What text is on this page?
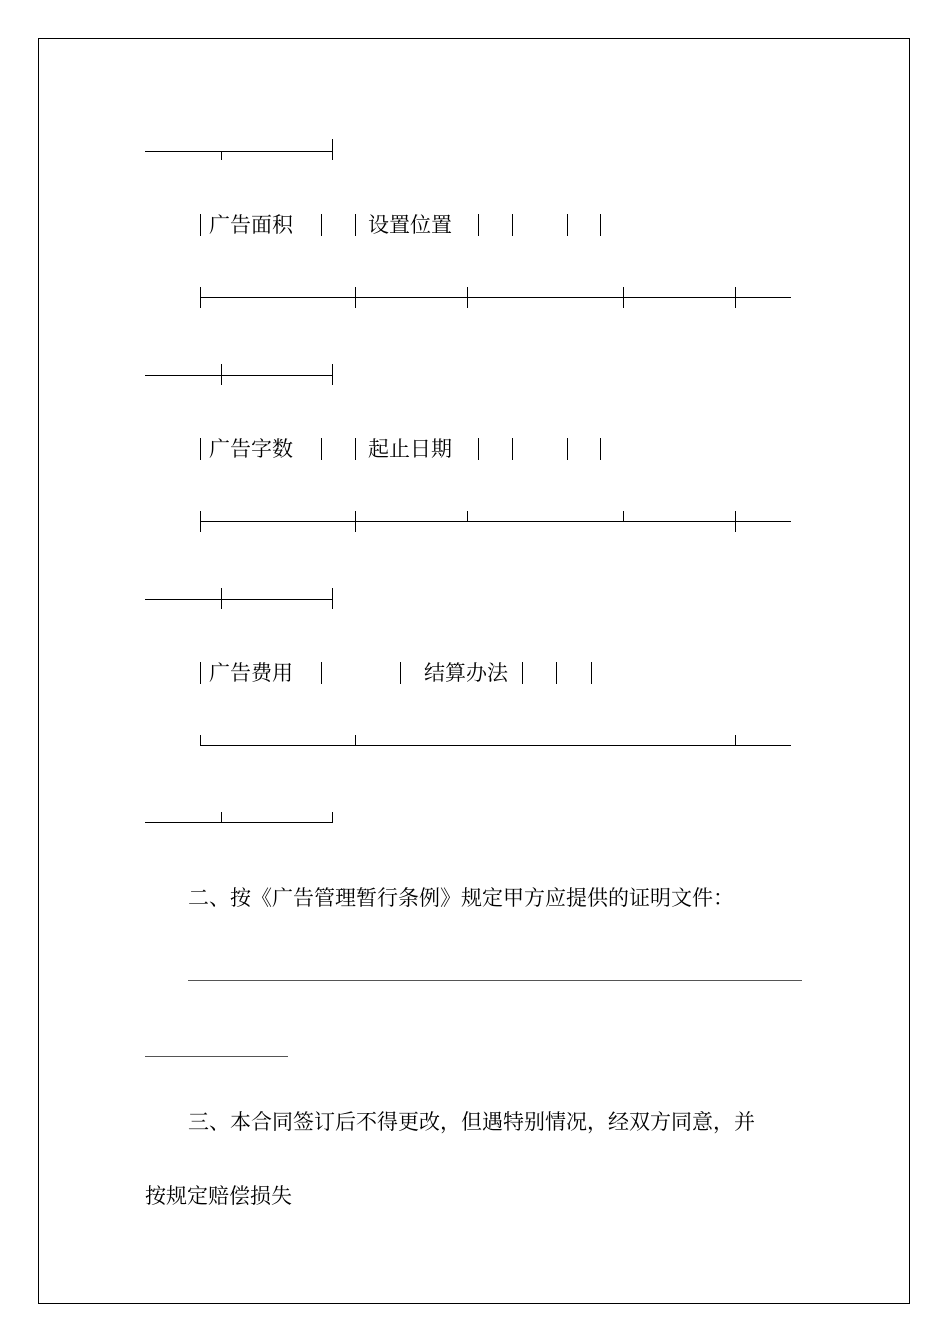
广告面积	设置位置
广告字数	起止日期
广告费用	结算办法

二、按《广告管理暂行条例》规定甲方应提供的证明文件：

三、本合同签订后不得更改，但遇特别情况，经双方同意，并

按规定赔偿损失
